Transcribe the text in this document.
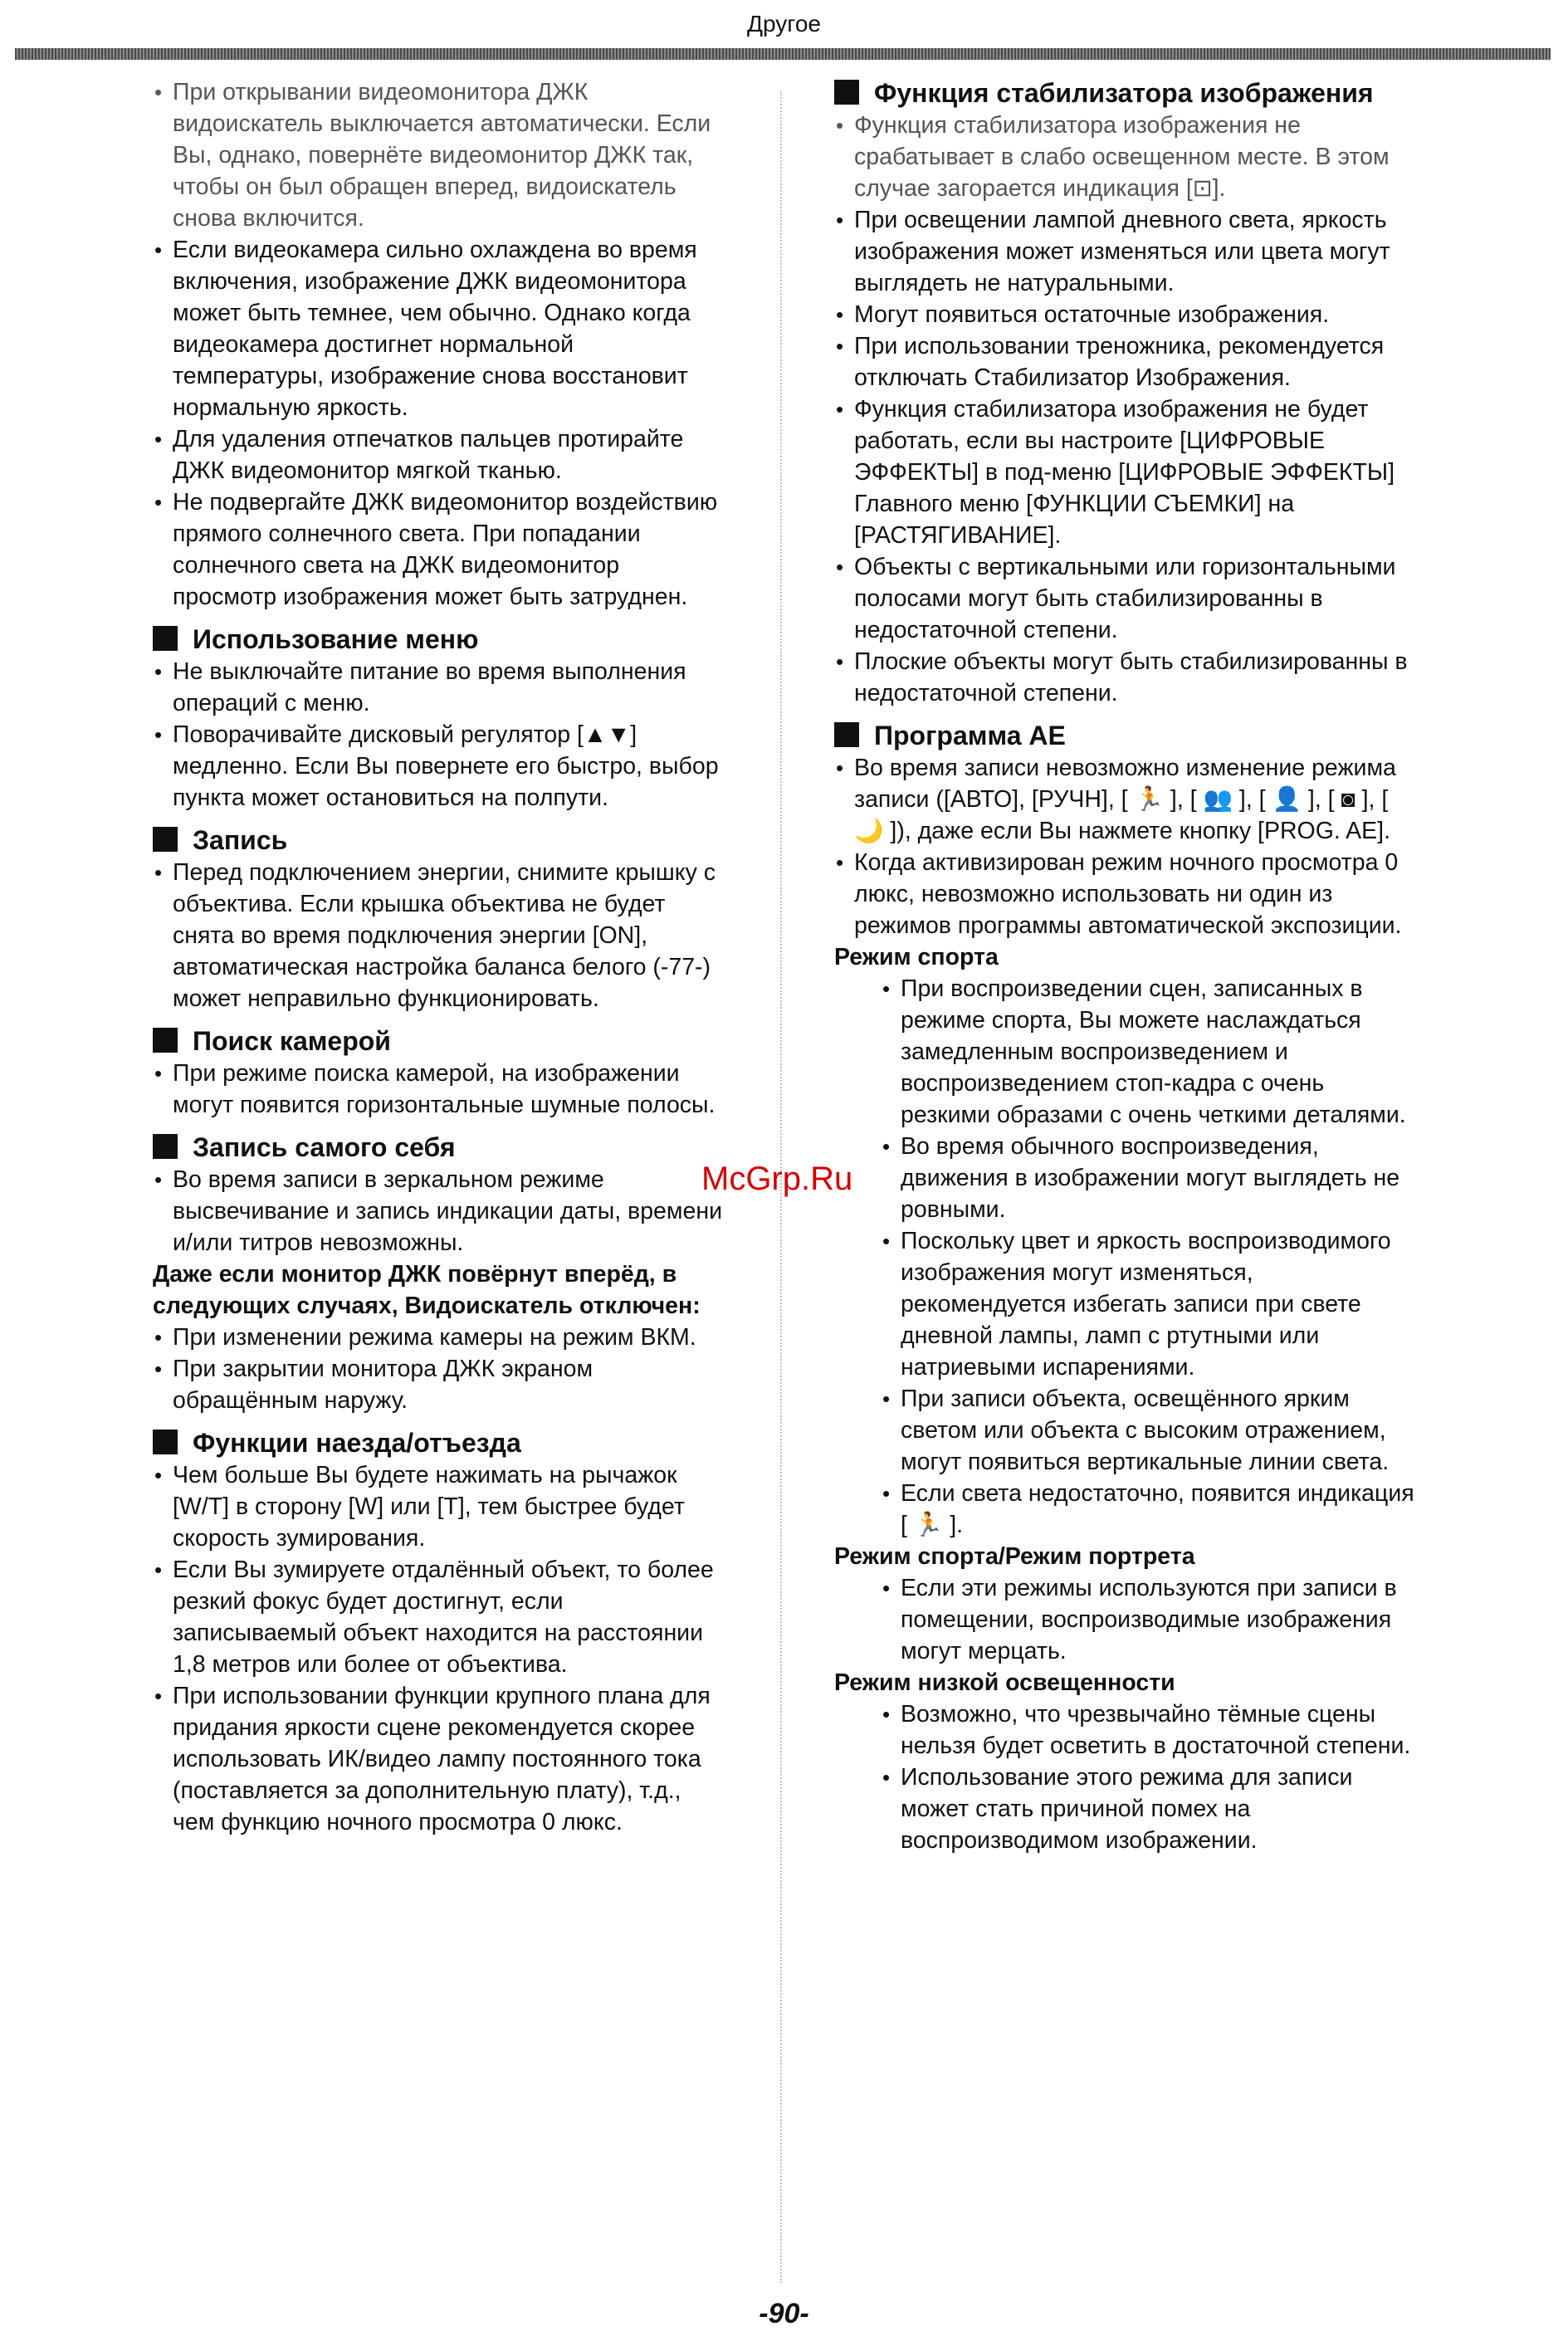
Другое

• При открывании видеомонитора ДЖК видоискатель выключается автоматически. Если Вы, однако, повернёте видеомонитор ДЖК так, чтобы он был обращен вперед, видоискатель снова включится.

• Если видеокамера сильно охлаждена во время включения, изображение ДЖК видеомонитора может быть темнее, чем обычно. Однако когда видеокамера достигнет нормальной температуры, изображение снова восстановит нормальную яркость.

• Для удаления отпечатков пальцев протирайте ДЖК видеомонитор мягкой тканью.

• Не подвергайте ДЖК видеомонитор воздействию прямого солнечного света. При попадании солнечного света на ДЖК видеомонитор просмотр изображения может быть затруднен.

Использование меню

• Не выключайте питание во время выполнения операций с меню.

• Поворачивайте дисковый регулятор [▲▼] медленно. Если Вы повернете его быстро, выбор пункта может остановиться на полпути.

Запись

• Перед подключением энергии, снимите крышку с объектива. Если крышка объектива не будет снята во время подключения энергии [ON], автоматическая настройка баланса белого (-77-) может неправильно функционировать.

Поиск камерой

• При режиме поиска камерой, на изображении могут появится горизонтальные шумные полосы.

Запись самого себя

• Во время записи в зеркальном режиме высвечивание и запись индикации даты, времени и/или титров невозможны.

Даже если монитор ДЖК повёрнут вперёд, в следующих случаях, Видоискатель отключен:

• При изменении режима камеры на режим ВКМ.

• При закрытии монитора ДЖК экраном обращённым наружу.

Функции наезда/отъезда

• Чем больше Вы будете нажимать на рычажок [W/T] в сторону [W] или [T], тем быстрее будет скорость зумирования.

• Если Вы зумируете отдалённый объект, то более резкий фокус будет достигнут, если записываемый объект находится на расстоянии 1,8 метров или более от объектива.

• При использовании функции крупного плана для придания яркости сцене рекомендуется скорее использовать ИК/видео лампу постоянного тока (поставляется за дополнительную плату), т.д., чем функцию ночного просмотра 0 люкс.

Функция стабилизатора изображения

• Функция стабилизатора изображения не срабатывает в слабо освещенном месте. В этом случае загорается индикация [⊡].

• При освещении лампой дневного света, яркость изображения может изменяться или цвета могут выглядеть не натуральными.

• Могут появиться остаточные изображения.

• При использовании треножника, рекомендуется отключать Стабилизатор Изображения.

• Функция стабилизатора изображения не будет работать, если вы настроите [ЦИФРОВЫЕ ЭФФЕКТЫ] в под-меню [ЦИФРОВЫЕ ЭФФЕКТЫ] Главного меню [ФУНКЦИИ СЪЕМКИ] на [РАСТЯГИВАНИЕ].

• Объекты с вертикальными или горизонтальными полосами могут быть стабилизированны в недостаточной степени.

• Плоские объекты могут быть стабилизированны в недостаточной степени.

Программа AE

• Во время записи невозможно изменение режима записи ([АВТО], [РУЧН], [ 🏃 ], [ 👥 ], [ 👤 ], [ ◙ ], [ 🌙 ]), даже если Вы нажмете кнопку [PROG. AE].

• Когда активизирован режим ночного просмотра 0 люкс, невозможно использовать ни один из режимов программы автоматической экспозиции.

Режим спорта

• При воспроизведении сцен, записанных в режиме спорта, Вы можете наслаждаться замедленным воспроизведением и воспроизведением стоп-кадра с очень резкими образами с очень четкими деталями.

• Во время обычного воспроизведения, движения в изображении могут выглядеть не ровными.

• Поскольку цвет и яркость воспроизводимого изображения могут изменяться, рекомендуется избегать записи при свете дневной лампы, ламп с ртутными или натриевыми испарениями.

• При записи объекта, освещённого ярким светом или объекта с высоким отражением, могут появиться вертикальные линии света.

• Если света недостаточно, появится индикация [ 🏃 ].

Режим спорта/Режим портрета

• Если эти режимы используются при записи в помещении, воспроизводимые изображения могут мерцать.

Режим низкой освещенности

• Возможно, что чрезвычайно тёмные сцены нельзя будет осветить в достаточной степени.

• Использование этого режима для записи может стать причиной помех на воспроизводимом изображении.

McGrp.Ru
-90-
